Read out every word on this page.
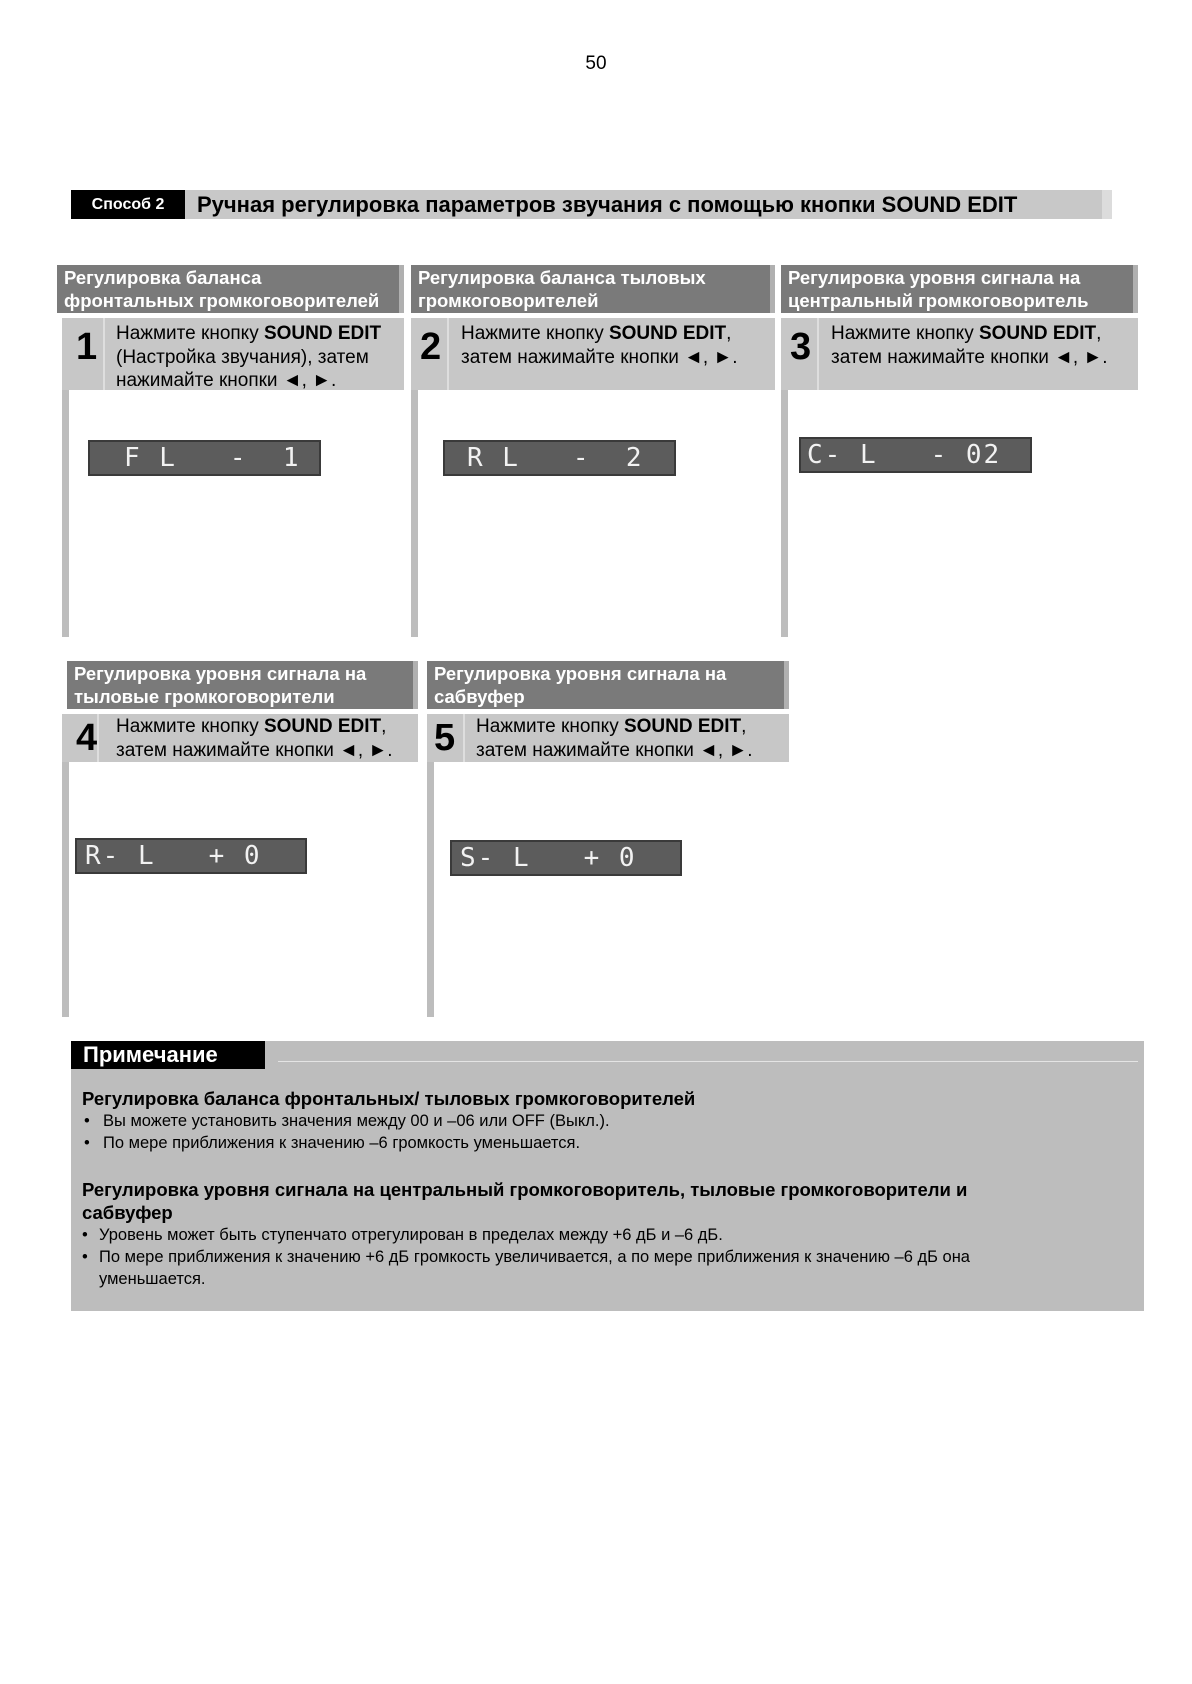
50
Способ 2	Ручная регулировка параметров звучания с помощью кнопки SOUND EDIT
Регулировка баланса
фронтальных громкоговорителей
1 Нажмите кнопку SOUND EDIT
(Настройка звучания), затем
нажимайте кнопки ◄, ►.
F L   -  1
Регулировка баланса тыловых
громкоговорителей
2 Нажмите кнопку SOUND EDIT,
затем нажимайте кнопки ◄, ►.
R L   -  2
Регулировка уровня сигнала на
центральный громкоговоритель
3 Нажмите кнопку SOUND EDIT,
затем нажимайте кнопки ◄, ►.
C- L   - 02
Регулировка уровня сигнала на
тыловые громкоговорители
4 Нажмите кнопку SOUND EDIT,
затем нажимайте кнопки ◄, ►.
R- L   + 0
Регулировка уровня сигнала на
сабвуфер
5 Нажмите кнопку SOUND EDIT,
затем нажимайте кнопки ◄, ►.
S- L   + 0
Примечание
Регулировка баланса фронтальных/ тыловых громкоговорителей
• Вы можете установить значения между 00 и –06 или OFF (Выкл.).
• По мере приближения к значению –6 громкость уменьшается.
Регулировка уровня сигнала на центральный громкоговоритель, тыловые громкоговорители и
сабвуфер
• Уровень может быть ступенчато отрегулирован в пределах между +6 дБ и –6 дБ.
• По мере приближения к значению +6 дБ громкость увеличивается, а по мере приближения к значению –6 дБ она
уменьшается.
